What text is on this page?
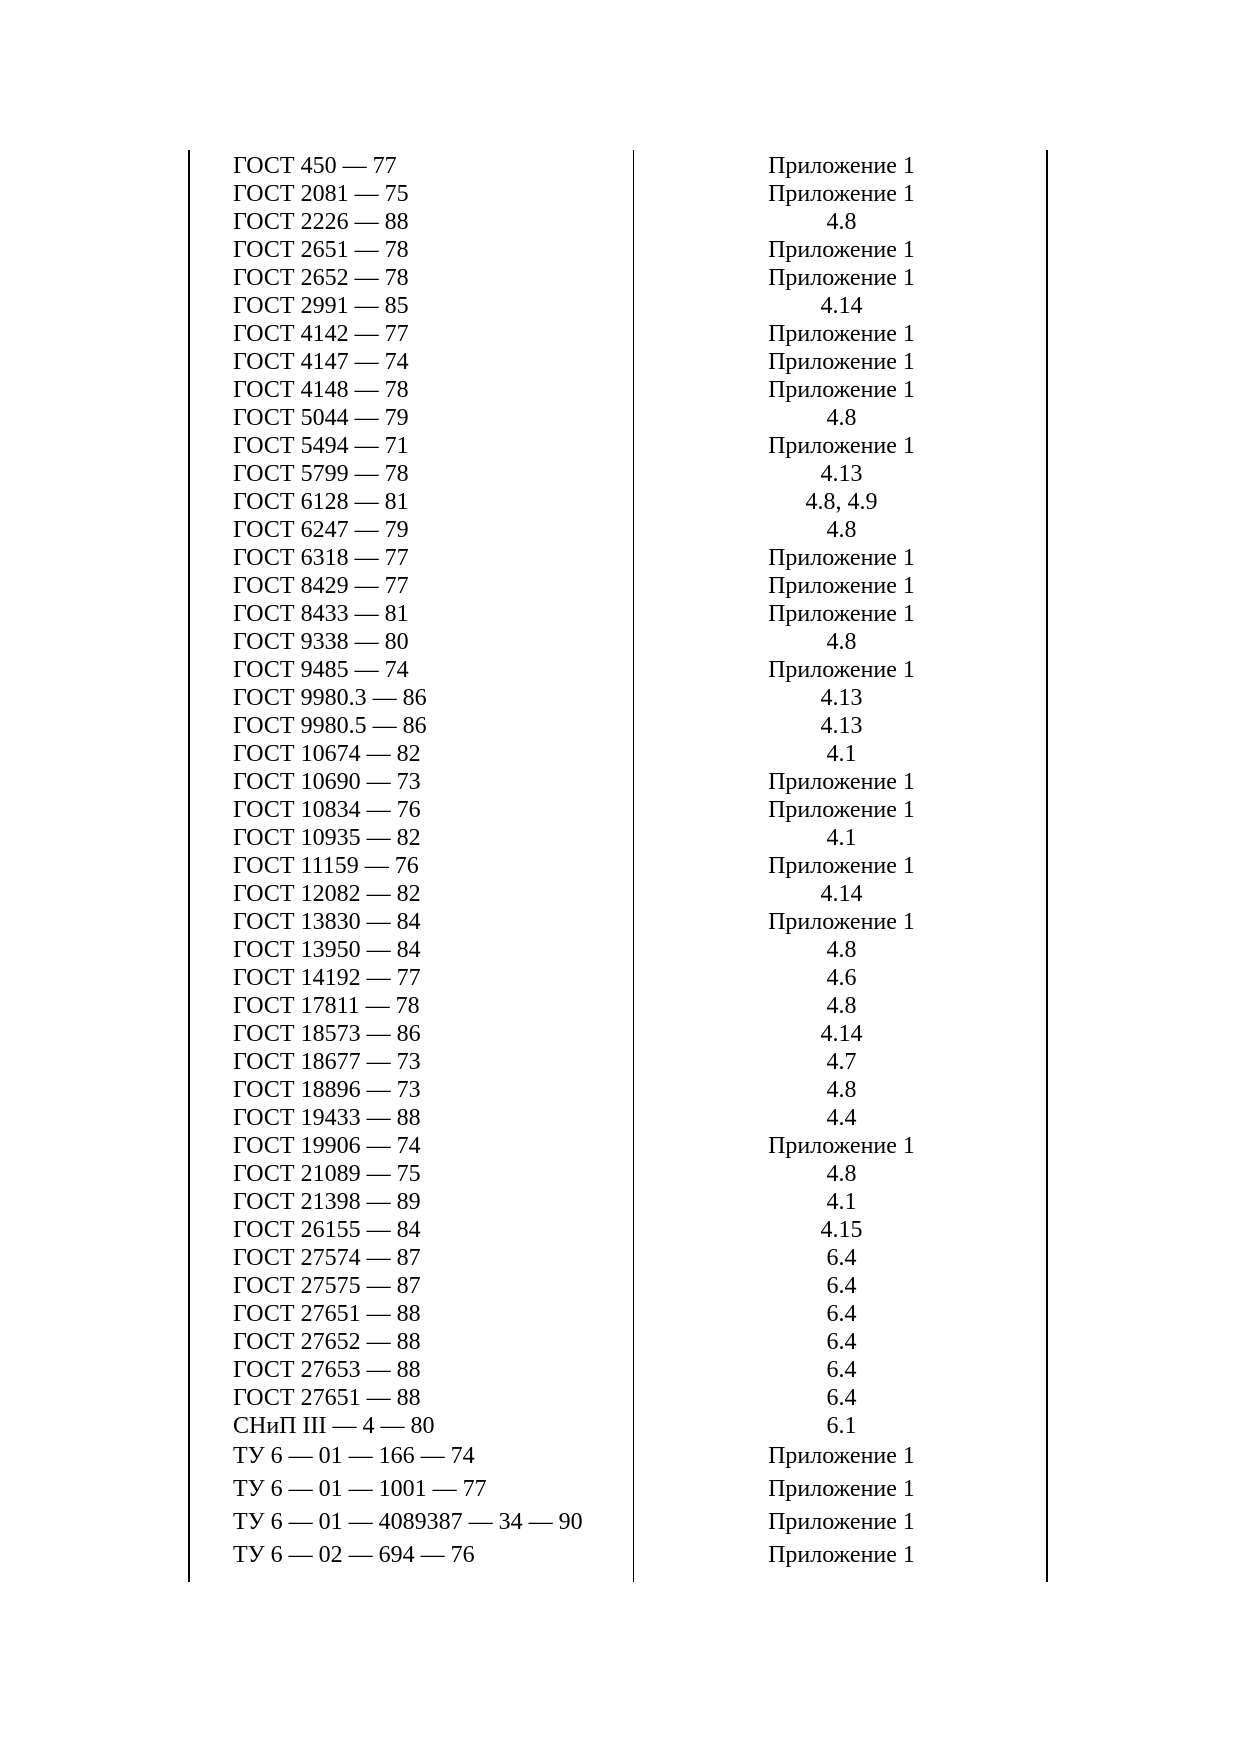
ГОСТ 450 — 77	Приложение 1
ГОСТ 2081 — 75	Приложение 1
ГОСТ 2226 — 88	4.8
ГОСТ 2651 — 78	Приложение 1
ГОСТ 2652 — 78	Приложение 1
ГОСТ 2991 — 85	4.14
ГОСТ 4142 — 77	Приложение 1
ГОСТ 4147 — 74	Приложение 1
ГОСТ 4148 — 78	Приложение 1
ГОСТ 5044 — 79	4.8
ГОСТ 5494 — 71	Приложение 1
ГОСТ 5799 — 78	4.13
ГОСТ 6128 — 81	4.8, 4.9
ГОСТ 6247 — 79	4.8
ГОСТ 6318 — 77	Приложение 1
ГОСТ 8429 — 77	Приложение 1
ГОСТ 8433 — 81	Приложение 1
ГОСТ 9338 — 80	4.8
ГОСТ 9485 — 74	Приложение 1
ГОСТ 9980.3 — 86	4.13
ГОСТ 9980.5 — 86	4.13
ГОСТ 10674 — 82	4.1
ГОСТ 10690 — 73	Приложение 1
ГОСТ 10834 — 76	Приложение 1
ГОСТ 10935 — 82	4.1
ГОСТ 11159 — 76	Приложение 1
ГОСТ 12082 — 82	4.14
ГОСТ 13830 — 84	Приложение 1
ГОСТ 13950 — 84	4.8
ГОСТ 14192 — 77	4.6
ГОСТ 17811 — 78	4.8
ГОСТ 18573 — 86	4.14
ГОСТ 18677 — 73	4.7
ГОСТ 18896 — 73	4.8
ГОСТ 19433 — 88	4.4
ГОСТ 19906 — 74	Приложение 1
ГОСТ 21089 — 75	4.8
ГОСТ 21398 — 89	4.1
ГОСТ 26155 — 84	4.15
ГОСТ 27574 — 87	6.4
ГОСТ 27575 — 87	6.4
ГОСТ 27651 — 88	6.4
ГОСТ 27652 — 88	6.4
ГОСТ 27653 — 88	6.4
ГОСТ 27651 — 88	6.4
СНиП III — 4 — 80	6.1
ТУ 6 — 01 — 166 — 74	Приложение 1
ТУ 6 — 01 — 1001 — 77	Приложение 1
ТУ 6 — 01 — 4089387 — 34 — 90	Приложение 1
ТУ 6 — 02 — 694 — 76	Приложение 1
